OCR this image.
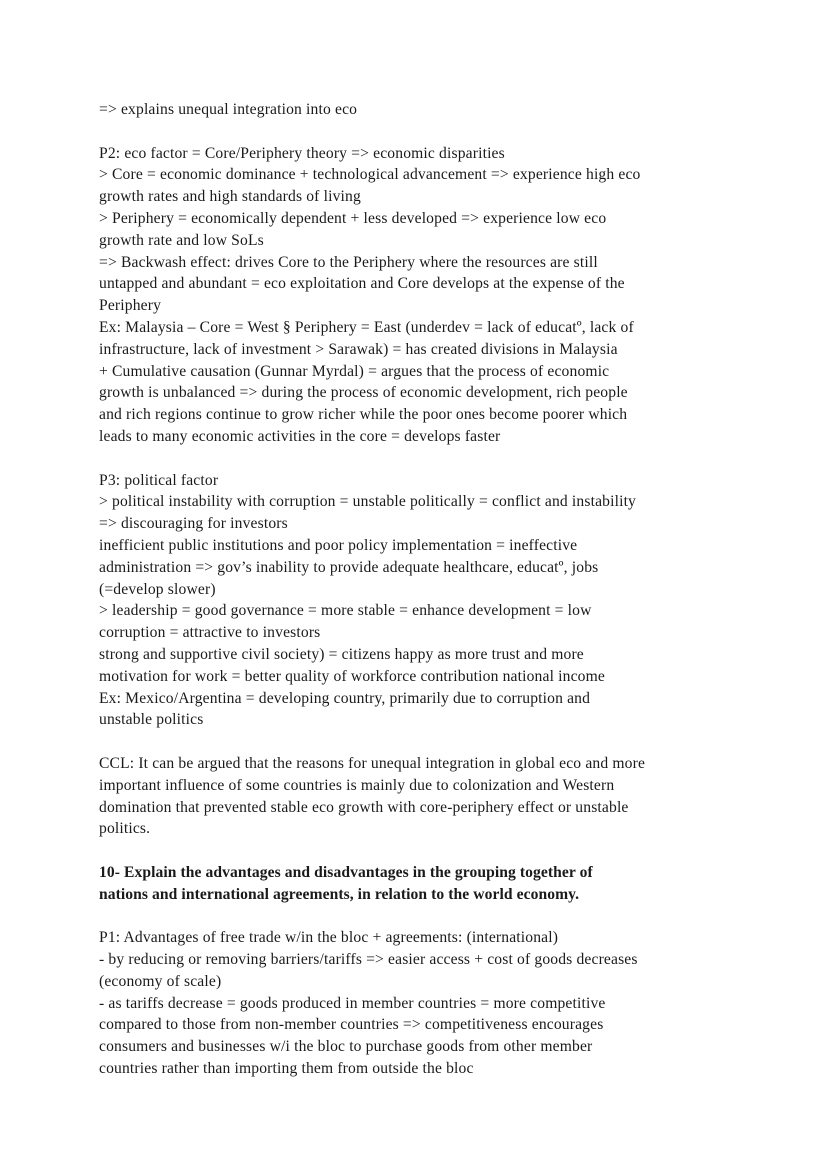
=> explains unequal integration into eco
P2: eco factor = Core/Periphery theory => economic disparities
> Core = economic dominance + technological advancement => experience high eco
growth rates and high standards of living
> Periphery = economically dependent + less developed => experience low eco
growth rate and low SoLs
=> Backwash effect: drives Core to the Periphery where the resources are still
untapped and abundant = eco exploitation and Core develops at the expense of the
Periphery
Ex: Malaysia – Core = West § Periphery = East (underdev = lack of educatº, lack of
infrastructure, lack of investment > Sarawak) = has created divisions in Malaysia
+ Cumulative causation (Gunnar Myrdal) = argues that the process of economic
growth is unbalanced => during the process of economic development, rich people
and rich regions continue to grow richer while the poor ones become poorer which
leads to many economic activities in the core = develops faster
P3: political factor
> political instability with corruption = unstable politically = conflict and instability
=> discouraging for investors
inefficient public institutions and poor policy implementation = ineffective
administration => gov’s inability to provide adequate healthcare, educatº, jobs
(=develop slower)
> leadership = good governance = more stable = enhance development = low
corruption = attractive to investors
strong and supportive civil society) = citizens happy as more trust and more
motivation for work = better quality of workforce contribution national income
Ex: Mexico/Argentina = developing country, primarily due to corruption and
unstable politics
CCL: It can be argued that the reasons for unequal integration in global eco and more
important influence of some countries is mainly due to colonization and Western
domination that prevented stable eco growth with core-periphery effect or unstable
politics.
10- Explain the advantages and disadvantages in the grouping together of
nations and international agreements, in relation to the world economy.
P1: Advantages of free trade w/in the bloc + agreements: (international)
- by reducing or removing barriers/tariffs => easier access + cost of goods decreases
(economy of scale)
- as tariffs decrease = goods produced in member countries = more competitive
compared to those from non-member countries => competitiveness encourages
consumers and businesses w/i the bloc to purchase goods from other member
countries rather than importing them from outside the bloc
